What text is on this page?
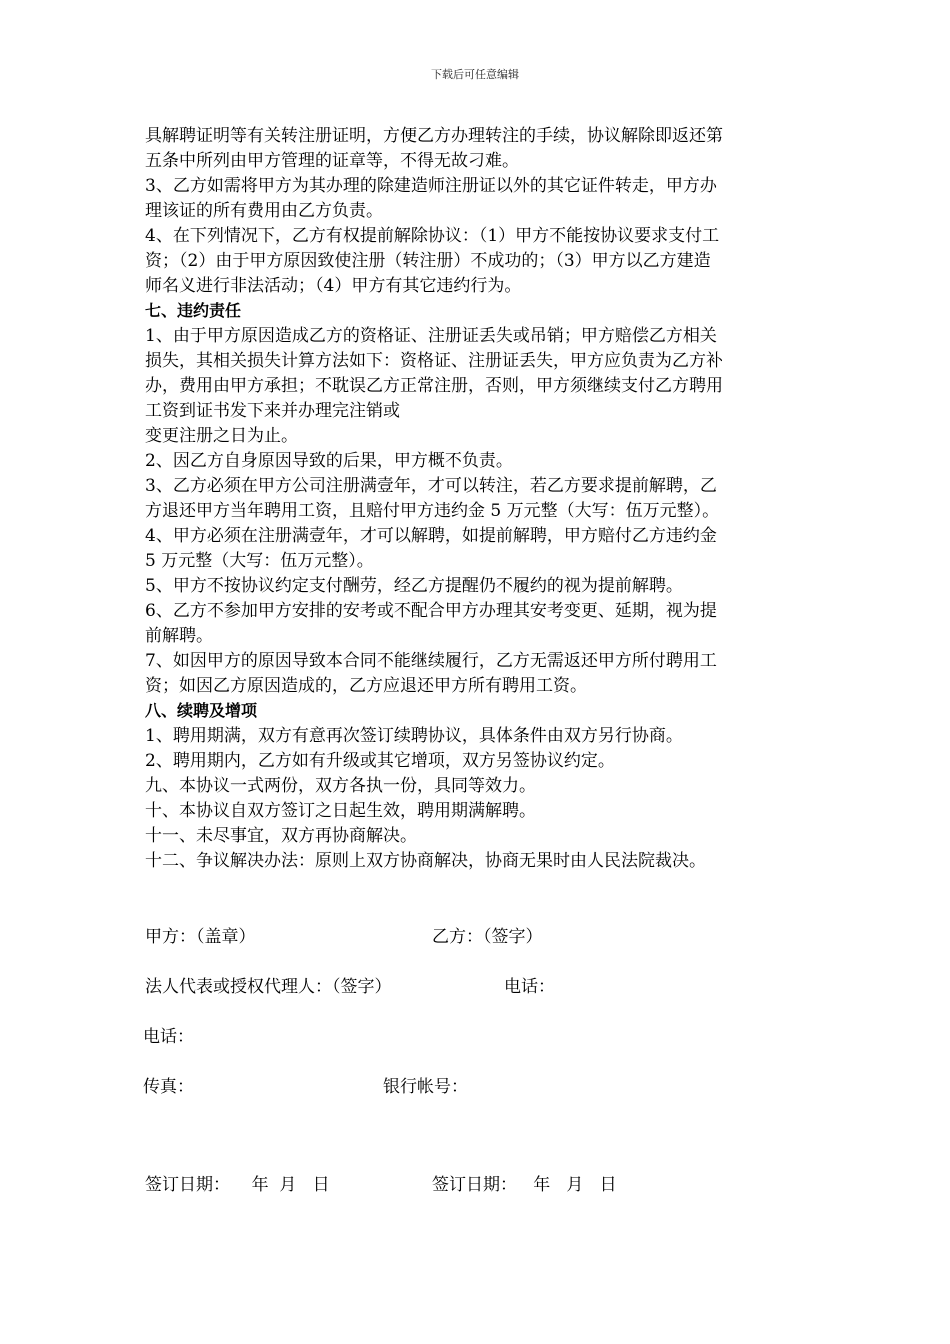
下载后可任意编辑
具解聘证明等有关转注册证明，方便乙方办理转注的手续，协议解除即返还第
五条中所列由甲方管理的证章等，不得无故刁难。
3、乙方如需将甲方为其办理的除建造师注册证以外的其它证件转走，甲方办
理该证的所有费用由乙方负责。
4、在下列情况下，乙方有权提前解除协议：（1）甲方不能按协议要求支付工
资；（2）由于甲方原因致使注册（转注册）不成功的；（3）甲方以乙方建造
师名义进行非法活动；（4）甲方有其它违约行为。
七、违约责任
1、由于甲方原因造成乙方的资格证、注册证丢失或吊销；甲方赔偿乙方相关
损失，其相关损失计算方法如下：资格证、注册证丢失，甲方应负责为乙方补
办，费用由甲方承担；不耽误乙方正常注册，否则，甲方须继续支付乙方聘用
工资到证书发下来并办理完注销或
变更注册之日为止。
2、因乙方自身原因导致的后果，甲方概不负责。
3、乙方必须在甲方公司注册满壹年，才可以转注，若乙方要求提前解聘，乙
方退还甲方当年聘用工资，且赔付甲方违约金 5 万元整（大写：伍万元整）。
4、甲方必须在注册满壹年，才可以解聘，如提前解聘，甲方赔付乙方违约金
5 万元整（大写：伍万元整）。
5、甲方不按协议约定支付酬劳，经乙方提醒仍不履约的视为提前解聘。
6、乙方不参加甲方安排的安考或不配合甲方办理其安考变更、延期，视为提
前解聘。
7、如因甲方的原因导致本合同不能继续履行，乙方无需返还甲方所付聘用工
资；如因乙方原因造成的，乙方应退还甲方所有聘用工资。
八、续聘及增项
1、聘用期满，双方有意再次签订续聘协议，具体条件由双方另行协商。
2、聘用期内，乙方如有升级或其它增项，双方另签协议约定。
九、本协议一式两份，双方各执一份，具同等效力。
十、本协议自双方签订之日起生效，聘用期满解聘。
十一、未尽事宜，双方再协商解决。
十二、争议解决办法：原则上双方协商解决，协商无果时由人民法院裁决。
甲方：（盖章）	乙方：（签字）
法人代表或授权代理人：（签字）	电话：
电话：
传真：	银行帐号：
签订日期：    年  月   日	签订日期：   年   月   日
